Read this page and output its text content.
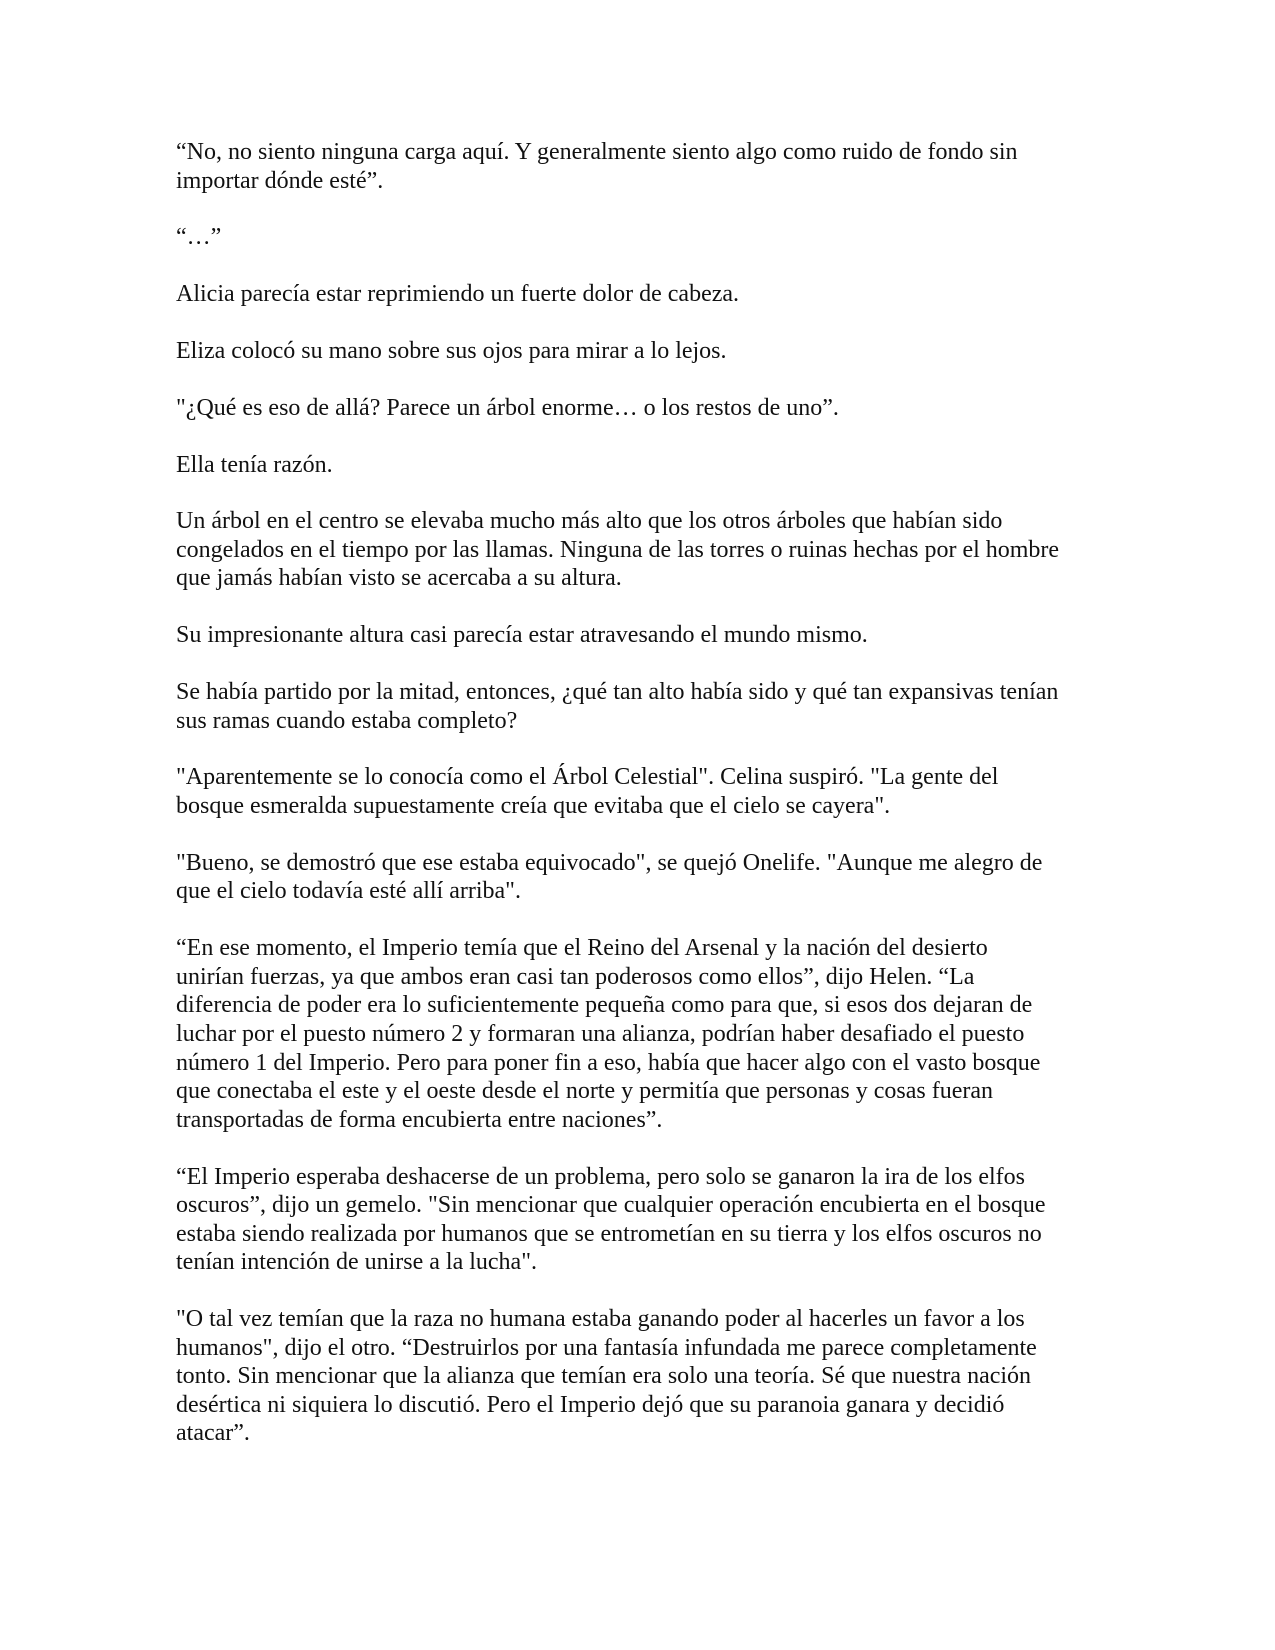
“No, no siento ninguna carga aquí. Y generalmente siento algo como ruido de fondo sin
importar dónde esté”.

“…”

Alicia parecía estar reprimiendo un fuerte dolor de cabeza.

Eliza colocó su mano sobre sus ojos para mirar a lo lejos.

"¿Qué es eso de allá? Parece un árbol enorme… o los restos de uno”.

Ella tenía razón.

Un árbol en el centro se elevaba mucho más alto que los otros árboles que habían sido
congelados en el tiempo por las llamas. Ninguna de las torres o ruinas hechas por el hombre
que jamás habían visto se acercaba a su altura.

Su impresionante altura casi parecía estar atravesando el mundo mismo.

Se había partido por la mitad, entonces, ¿qué tan alto había sido y qué tan expansivas tenían
sus ramas cuando estaba completo?

"Aparentemente se lo conocía como el Árbol Celestial". Celina suspiró. "La gente del
bosque esmeralda supuestamente creía que evitaba que el cielo se cayera".

"Bueno, se demostró que ese estaba equivocado", se quejó Onelife. "Aunque me alegro de
que el cielo todavía esté allí arriba".

“En ese momento, el Imperio temía que el Reino del Arsenal y la nación del desierto
unirían fuerzas, ya que ambos eran casi tan poderosos como ellos”, dijo Helen. “La
diferencia de poder era lo suficientemente pequeña como para que, si esos dos dejaran de
luchar por el puesto número 2 y formaran una alianza, podrían haber desafiado el puesto
número 1 del Imperio. Pero para poner fin a eso, había que hacer algo con el vasto bosque
que conectaba el este y el oeste desde el norte y permitía que personas y cosas fueran
transportadas de forma encubierta entre naciones”.

“El Imperio esperaba deshacerse de un problema, pero solo se ganaron la ira de los elfos
oscuros”, dijo un gemelo. "Sin mencionar que cualquier operación encubierta en el bosque
estaba siendo realizada por humanos que se entrometían en su tierra y los elfos oscuros no
tenían intención de unirse a la lucha".

"O tal vez temían que la raza no humana estaba ganando poder al hacerles un favor a los
humanos", dijo el otro. “Destruirlos por una fantasía infundada me parece completamente
tonto. Sin mencionar que la alianza que temían era solo una teoría. Sé que nuestra nación
desértica ni siquiera lo discutió. Pero el Imperio dejó que su paranoia ganara y decidió
atacar”.
